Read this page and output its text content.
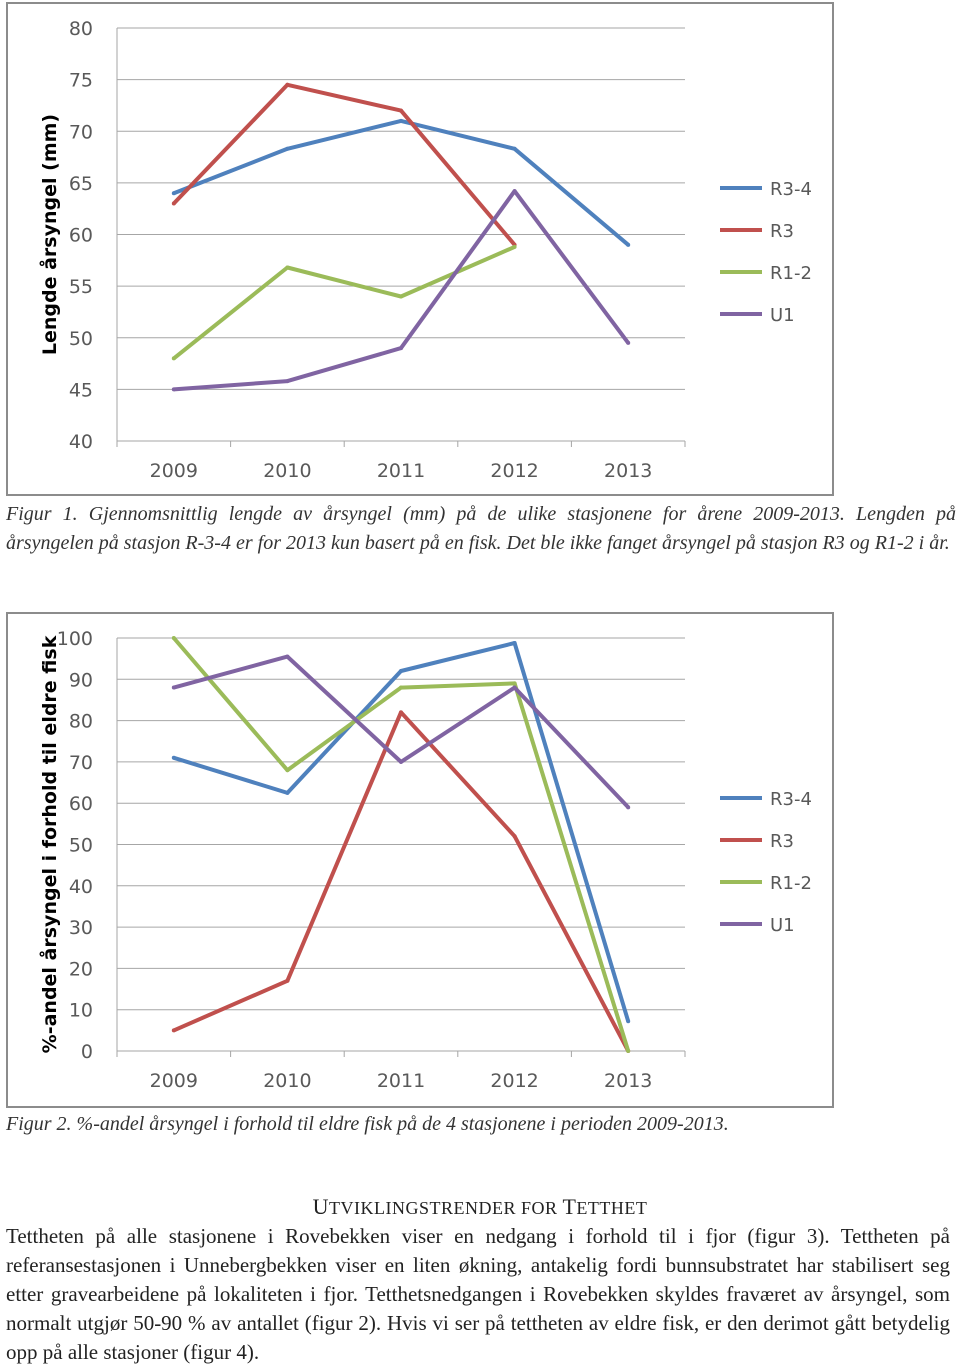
40
45
50
55
60
65
70
75
80
2009	2010	2011	2012	2013
Lengde årsyngel (mm)	R3-4
R3
R1-2
U1
Figur 1. Gjennomsnittlig lengde av årsyngel (mm) på de ulike stasjonene for årene 2009-2013. Lengden på årsyngelen på stasjon R-3-4 er for 2013 kun basert på en fisk. Det ble ikke fanget årsyngel på stasjon R3 og R1-2 i år.
0
10
20
30
40
50
60
70
80
90
100
2009	2010	2011	2012	2013
%-andel årsyngel i forhold til eldre fisk	R3-4
R3
R1-2
U1
Figur 2. %-andel årsyngel i forhold til eldre fisk på de 4 stasjonene i perioden 2009-2013.
UTVIKLINGSTRENDER FOR TETTHET
Tettheten på alle stasjonene i Rovebekken viser en nedgang i forhold til i fjor (figur 3). Tettheten på referansestasjonen i Unnebergbekken viser en liten økning, antakelig fordi bunnsubstratet har stabilisert seg etter gravearbeidene på lokaliteten i fjor. Tetthetsnedgangen i Rovebekken skyldes fraværet av årsyngel, som normalt utgjør 50-90 % av antallet (figur 2). Hvis vi ser på tettheten av eldre fisk, er den derimot gått betydelig opp på alle stasjoner (figur 4).
